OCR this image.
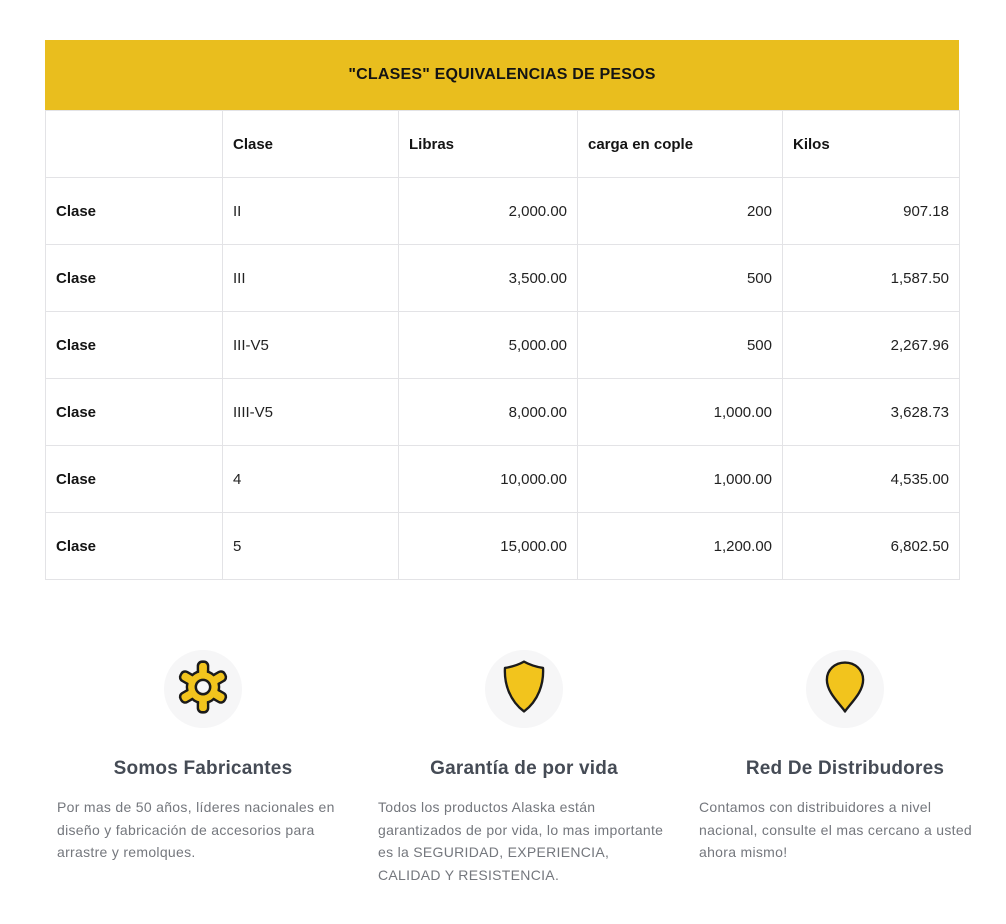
"CLASES" EQUIVALENCIAS DE PESOS
	Clase	Libras	carga en cople	Kilos
Clase	II	2,000.00	200	907.18
Clase	III	3,500.00	500	1,587.50
Clase	III-V5	5,000.00	500	2,267.96
Clase	IIII-V5	8,000.00	1,000.00	3,628.73
Clase	4	10,000.00	1,000.00	4,535.00
Clase	5	15,000.00	1,200.00	6,802.50
Somos Fabricantes
Por mas de 50 años, líderes nacionales en diseño y fabricación de accesorios para arrastre y remolques.
Garantía de por vida
Todos los productos Alaska están garantizados de por vida, lo mas importante es la SEGURIDAD, EXPERIENCIA, CALIDAD Y RESISTENCIA.
Red De Distribudores
Contamos con distribuidores a nivel nacional, consulte el mas cercano a usted ahora mismo!
